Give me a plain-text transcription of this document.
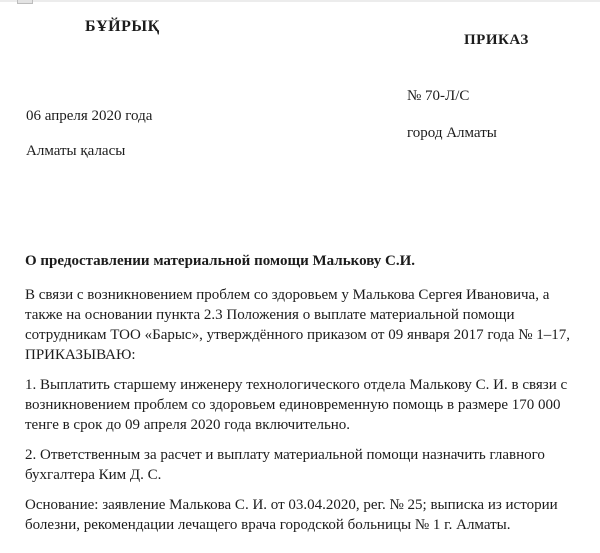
БҰЙРЫҚ
ПРИКАЗ
№ 70-Л/С
06 апреля 2020 года
город Алматы
Алматы қаласы
О предоставлении материальной помощи Малькову С.И.
В связи с возникновением проблем со здоровьем у Малькова Сергея Ивановича, а также на основании пункта 2.3 Положения о выплате материальной помощи сотрудникам ТОО «Барыс», утверждённого приказом от 09 января 2017 года № 1–17, ПРИКАЗЫВАЮ:
1. Выплатить старшему инженеру технологического отдела Малькову С. И. в связи с возникновением проблем со здоровьем единовременную помощь в размере 170 000 тенге в срок до 09 апреля 2020 года включительно.
2. Ответственным за расчет и выплату материальной помощи назначить главного бухгалтера Ким Д. С.
Основание: заявление Малькова С. И. от 03.04.2020, рег. № 25; выписка из истории болезни, рекомендации лечащего врача городской больницы № 1 г. Алматы.
